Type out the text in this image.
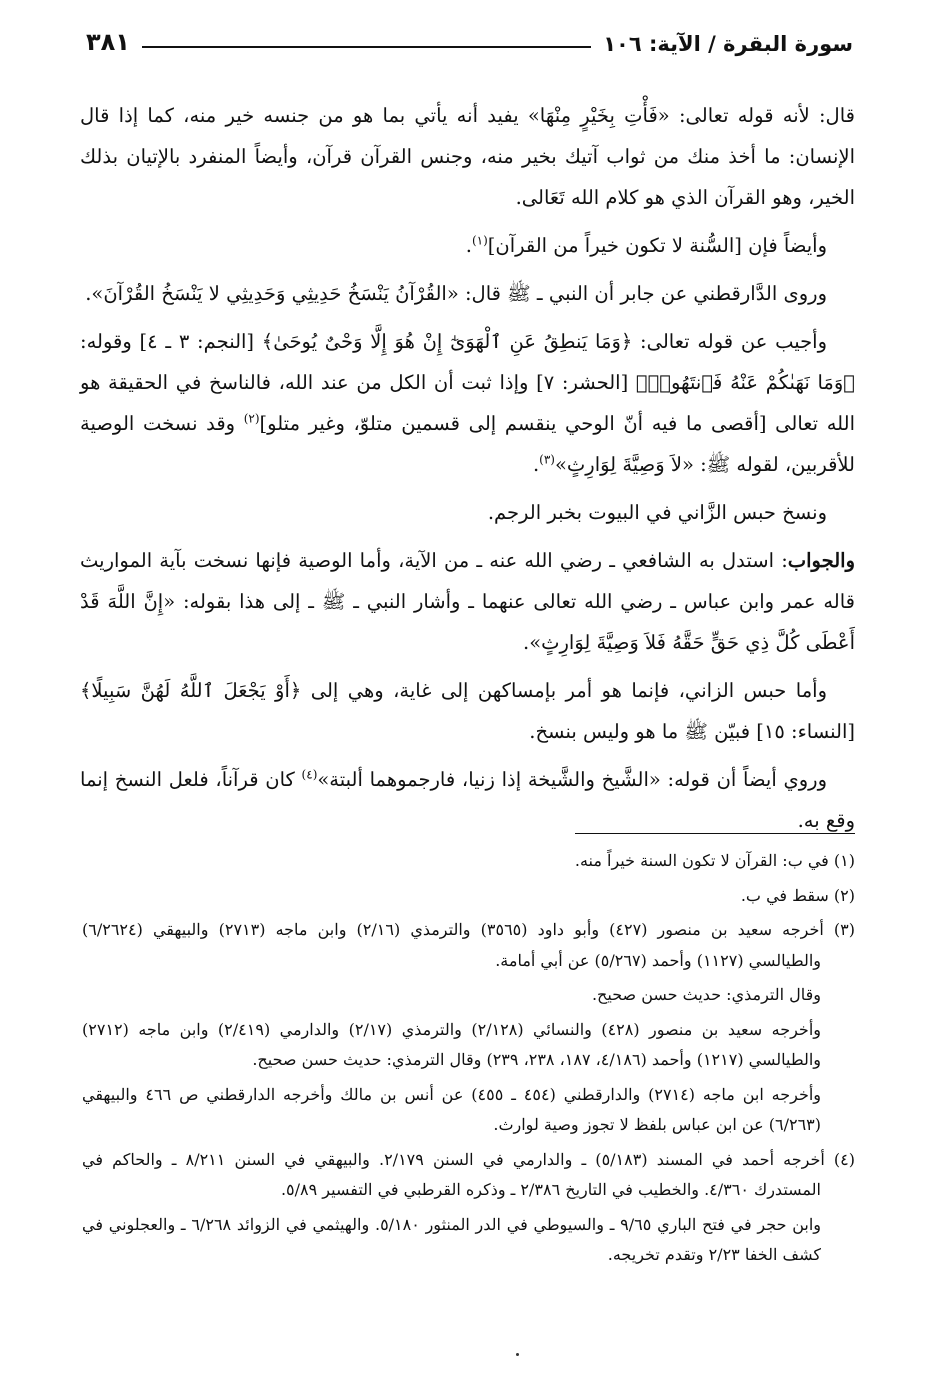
سورة البقرة / الآية: ١٠٦
٣٨١

قال: لأنه قوله تعالى: «فَأْتِ بِخَيْرٍ مِنْهَا» يفيد أنه يأتي بما هو من جنسه خير منه، كما إذا قال الإنسان: ما أخذ منك من ثواب آتيك بخير منه، وجنس القرآن قرآن، وأيضاً المنفرد بالإتيان بذلك الخير، وهو القرآن الذي هو كلام الله تَعَالى.

وأيضاً فإن [السُّنة لا تكون خيراً من القرآن]$^{(١)}$.

وروى الدَّارقطني عن جابر أن النبي ـ ﷺ قال: «القُرْآنُ يَنْسَخُ حَدِيثِي وَحَدِيثِي لا يَنْسَخُ القُرْآنَ».

وأجيب عن قوله تعالى: ﴿وَمَا يَنطِقُ عَنِ ٱلْهَوَىٰٓ إِنْ هُوَ إِلَّا وَحْىٌ يُوحَىٰ﴾ [النجم: ٣ ـ ٤] وقوله: ﴿وَمَا نَهَىٰكُمْ عَنْهُ فَٱنتَهُوا۟﴾ [الحشر: ٧] وإذا ثبت أن الكل من عند الله، فالناسخ في الحقيقة هو الله تعالى [أقصى ما فيه أنّ الوحي ينقسم إلى قسمين متلوّ، وغير متلو]$^{(٢)}$ وقد نسخت الوصية للأقربين، لقوله ﷺ: «لاَ وَصِيَّةَ لِوَارِثٍ»$^{(٣)}$.

ونسخ حبس الزَّاني في البيوت بخبر الرجم.

والجواب: استدل به الشافعي ـ رضي الله عنه ـ من الآية، وأما الوصية فإنها نسخت بآية المواريث قاله عمر وابن عباس ـ رضي الله تعالى عنهما ـ وأشار النبي ـ ﷺ ـ إلى هذا بقوله: «إِنَّ اللَّهَ قَدْ أَعْطَى كُلَّ ذِي حَقٍّ حَقَّهُ فَلاَ وَصِيَّةَ لِوَارِثٍ».

وأما حبس الزاني، فإنما هو أمر بإمساكهن إلى غاية، وهي إلى ﴿أَوْ يَجْعَلَ ٱللَّهُ لَهُنَّ سَبِيلًا﴾ [النساء: ١٥] فبيّن ﷺ ما هو وليس بنسخ.

وروي أيضاً أن قوله: «الشَّيخ والشَّيخة إذا زنيا، فارجموهما ألبتة»$^{(٤)}$ كان قرآناً، فلعل النسخ إنما وقع به.

(١) في ب: القرآن لا تكون السنة خيراً منه.
(٢) سقط في ب.
(٣) أخرجه سعيد بن منصور (٤٢٧) وأبو داود (٣٥٦٥) والترمذي (٢/١٦) وابن ماجه (٢٧١٣) والبيهقي (٦/٢٦٢٤) والطيالسي (١١٢٧) وأحمد (٥/٢٦٧) عن أبي أمامة.
وقال الترمذي: حديث حسن صحيح.
وأخرجه سعيد بن منصور (٤٢٨) والنسائي (٢/١٢٨) والترمذي (٢/١٧) والدارمي (٢/٤١٩) وابن ماجه (٢٧١٢) والطيالسي (١٢١٧) وأحمد (٤/١٨٦، ١٨٧، ٢٣٨، ٢٣٩) وقال الترمذي: حديث حسن صحيح.
وأخرجه ابن ماجه (٢٧١٤) والدارقطني (٤٥٤ ـ ٤٥٥) عن أنس بن مالك وأخرجه الدارقطني ص ٤٦٦ والبيهقي (٦/٢٦٣) عن ابن عباس بلفظ لا تجوز وصية لوارث.
(٤) أخرجه أحمد في المسند (٥/١٨٣) ـ والدارمي في السنن ٢/١٧٩. والبيهقي في السنن ٨/٢١١ ـ والحاكم في المستدرك ٤/٣٦٠. والخطيب في التاريخ ٢/٣٨٦ ـ وذكره القرطبي في التفسير ٥/٨٩.
وابن حجر في فتح الباري ٩/٦٥ ـ والسيوطي في الدر المنثور ٥/١٨٠. والهيثمي في الزوائد ٦/٢٦٨ ـ والعجلوني في كشف الخفا ٢/٢٣ وتقدم تخريجه.
